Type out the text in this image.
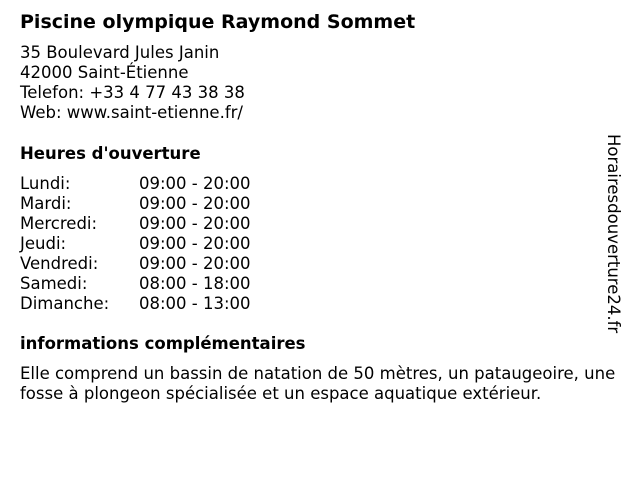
Piscine olympique Raymond Sommet
35 Boulevard Jules Janin
42000 Saint-Étienne
Telefon: +33 4 77 43 38 38
Web: www.saint-etienne.fr/
Heures d'ouverture
Lundi:	09:00 - 20:00
Mardi:	09:00 - 20:00
Mercredi:	09:00 - 20:00
Jeudi:	09:00 - 20:00
Vendredi: 09:00 - 20:00
Samedi:	08:00 - 18:00
Dimanche: 08:00 - 13:00
informations complémentaires
Elle comprend un bassin de natation de 50 mètres, un pataugeoire, une fosse à plongeon spécialisée et un espace aquatique extérieur.
Horairesdouverture24.fr
